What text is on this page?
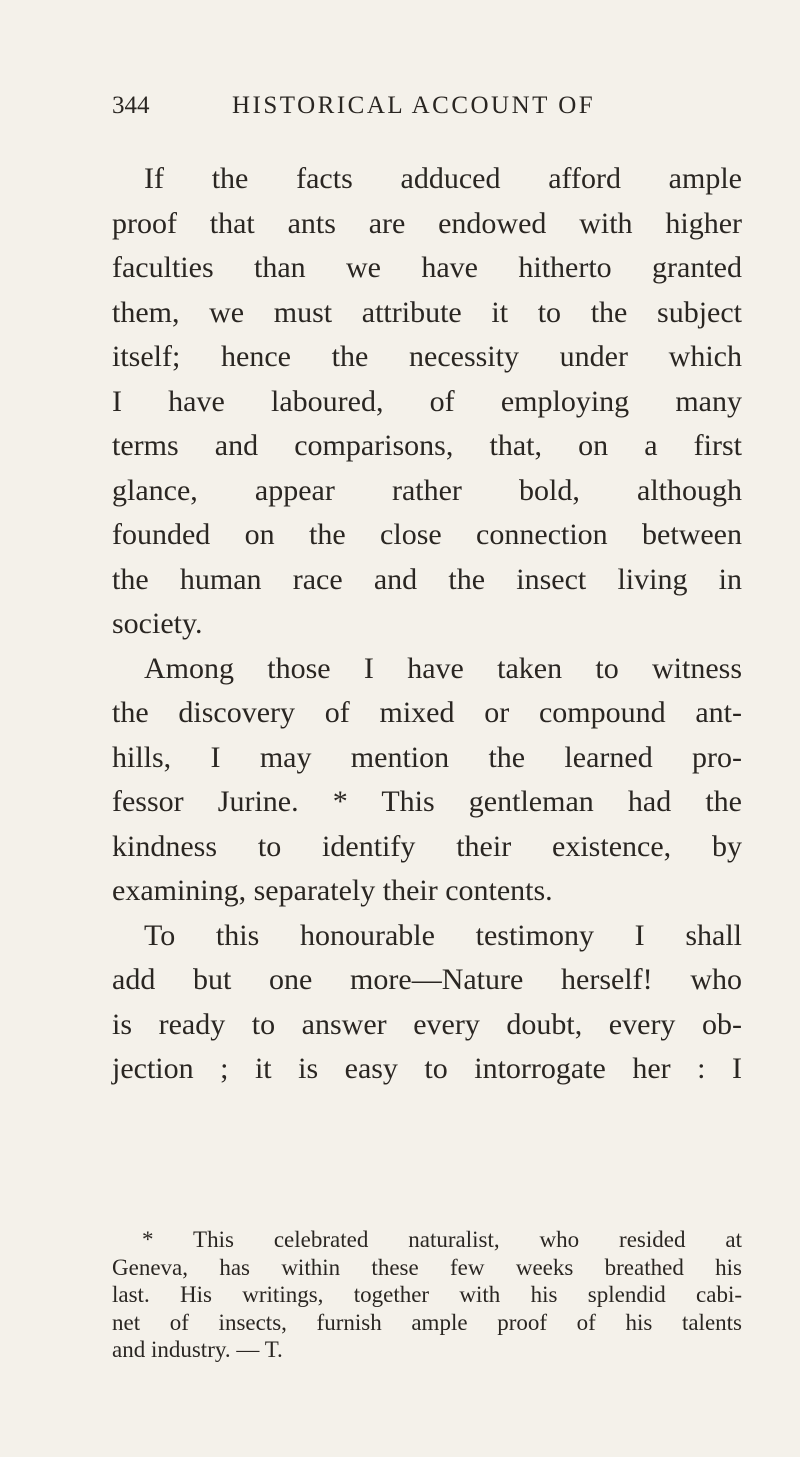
344	HISTORICAL ACCOUNT OF
If the facts adduced afford ample
proof that ants are endowed with higher
faculties than we have hitherto granted
them, we must attribute it to the subject
itself; hence the necessity under which
I have laboured, of employing many
terms and comparisons, that, on a first
glance, appear rather bold, although
founded on the close connection between
the human race and the insect living in
society.
Among those I have taken to witness
the discovery of mixed or compound ant-
hills, I may mention the learned pro-
fessor Jurine. * This gentleman had the
kindness to identify their existence, by
examining, separately their contents.
To this honourable testimony I shall
add but one more—Nature herself! who
is ready to answer every doubt, every ob-
jection ; it is easy to intorrogate her : I
* This celebrated naturalist, who resided at
Geneva, has within these few weeks breathed his
last. His writings, together with his splendid cabi-
net of insects, furnish ample proof of his talents
and industry. — T.
